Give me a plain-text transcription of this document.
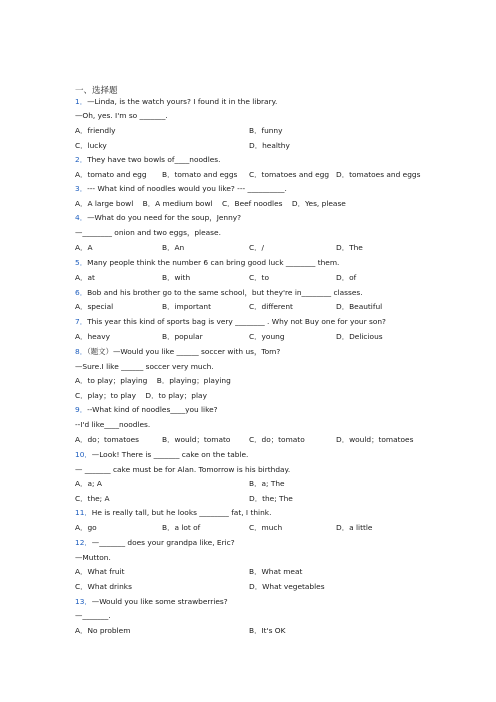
一、选择题
1．—Linda, is the watch yours? I found it in the library.
—Oh, yes. I'm so _______.
A．friendly	B．funny
C．lucky	D．healthy
2．They have two bowls of____noodles.
A．tomato and egg B．tomato and eggs C．tomatoes and egg D．tomatoes and eggs
3．--- What kind of noodles would you like? --- __________.
A．A large bowl B．A medium bowl C．Beef noodles D．Yes, please
4．—What do you need for the soup，Jenny?
—________ onion and two eggs，please.
A．A	B．An	C．/	D．The
5．Many people think the number 6 can bring good luck ________ them.
A．at	B．with	C．to	D．of
6．Bob and his brother go to the same school，but they're in________ classes.
A．special	B．important	C．different	D．Beautiful
7．This year this kind of sports bag is very ________ . Why not Buy one for your son?
A．heavy	B．popular	C．young	D．Delicious
8．（题文）—Would you like ______ soccer with us，Tom?
—Sure.I like ______ soccer very much.
A．to play；playing B．playing；playing
C．play；to play D．to play；play
9．--What kind of noodles____you like?
--I'd like____noodles.
A．do；tomatoes	B．would；tomato	C．do；tomato	D．would；tomatoes
10．—Look! There is _______ cake on the table.
— _______ cake must be for Alan. Tomorrow is his birthday.
A．a; A	B．a; The
C．the; A	D．the; The
11．He is really tall, but he looks ________ fat, I think.
A．go	B．a lot of	C．much	D．a little
12．—_______ does your grandpa like, Eric?
—Mutton.
A．What fruit	B．What meat
C．What drinks	D．What vegetables
13．—Would you like some strawberries?
—_______.
A．No problem	B．It's OK
